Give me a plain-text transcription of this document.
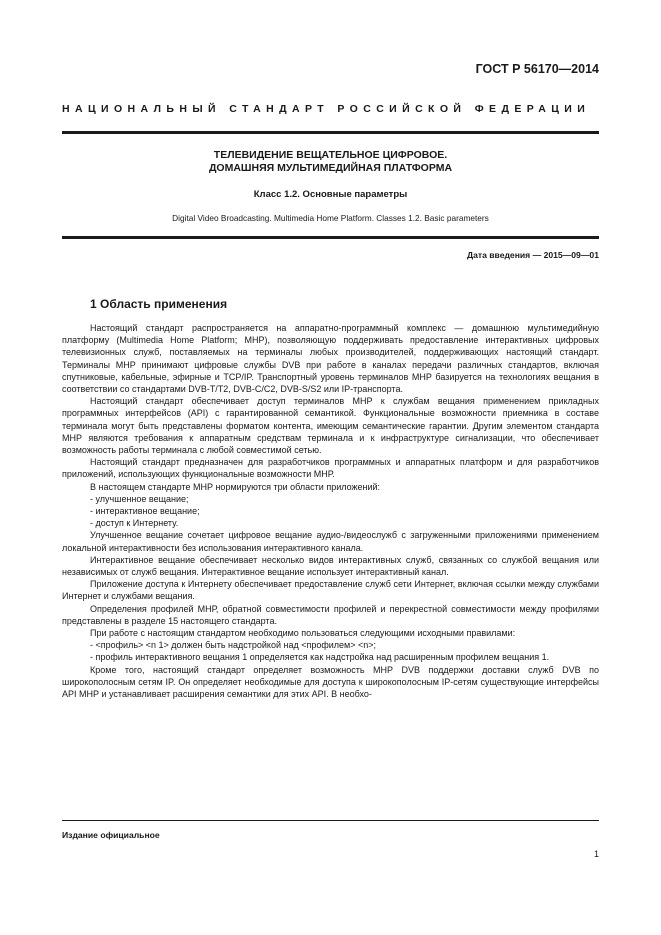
ГОСТ Р 56170—2014
НАЦИОНАЛЬНЫЙ СТАНДАРТ РОССИЙСКОЙ ФЕДЕРАЦИИ
ТЕЛЕВИДЕНИЕ ВЕЩАТЕЛЬНОЕ ЦИФРОВОЕ.
ДОМАШНЯЯ МУЛЬТИМЕДИЙНАЯ ПЛАТФОРМА
Класс 1.2. Основные параметры
Digital Video Broadcasting. Multimedia Home Platform. Classes 1.2. Basic parameters
Дата введения — 2015—09—01
1 Область применения

Настоящий стандарт распространяется на аппаратно-программный комплекс — домашнюю мультимедийную платформу (Multimedia Home Platform; MHP), позволяющую поддерживать предоставление интерактивных цифровых телевизионных служб, поставляемых на терминалы любых производителей, поддерживающих настоящий стандарт. Терминалы МНР принимают цифровые службы DVB при работе в каналах передачи различных стандартов, включая спутниковые, кабельные, эфирные и TCP/IP. Транспортный уровень терминалов МНР базируется на технологиях вещания в соответствии со стандартами DVB-T/T2, DVB-C/C2, DVB-S/S2 или IP-транспорта.

Настоящий стандарт обеспечивает доступ терминалов МНР к службам вещания применением прикладных программных интерфейсов (API) с гарантированной семантикой. Функциональные возможности приемника в составе терминала могут быть представлены форматом контента, имеющим семантические гарантии. Другим элементом стандарта МНР являются требования к аппаратным средствам терминала и к инфраструктуре сигнализации, что обеспечивает возможность работы терминала с любой совместимой сетью.

Настоящий стандарт предназначен для разработчиков программных и аппаратных платформ и для разработчиков приложений, использующих функциональные возможности МНР.

В настоящем стандарте МНР нормируются три области приложений:

- улучшенное вещание;

- интерактивное вещание;

- доступ к Интернету.

Улучшенное вещание сочетает цифровое вещание аудио-/видеослужб с загруженными приложениями применением локальной интерактивности без использования интерактивного канала.

Интерактивное вещание обеспечивает несколько видов интерактивных служб, связанных со службой вещания или независимых от служб вещания. Интерактивное вещание использует интерактивный канал.

Приложение доступа к Интернету обеспечивает предоставление служб сети Интернет, включая ссылки между службами Интернет и службами вещания.

Определения профилей МНР, обратной совместимости профилей и перекрестной совместимости между профилями представлены в разделе 15 настоящего стандарта.

При работе с настоящим стандартом необходимо пользоваться следующими исходными правилами:

- <профиль> <n 1> должен быть надстройкой над <профилем> <n>;

- профиль интерактивного вещания 1 определяется как надстройка над расширенным профилем вещания 1.

Кроме того, настоящий стандарт определяет возможность МНР DVB поддержки доставки служб DVB по широкополосным сетям IP. Он определяет необходимые для доступа к широкополосным IP-сетям существующие интерфейсы API МНР и устанавливает расширения семантики для этих API. В необхо-

Издание официальное
1
